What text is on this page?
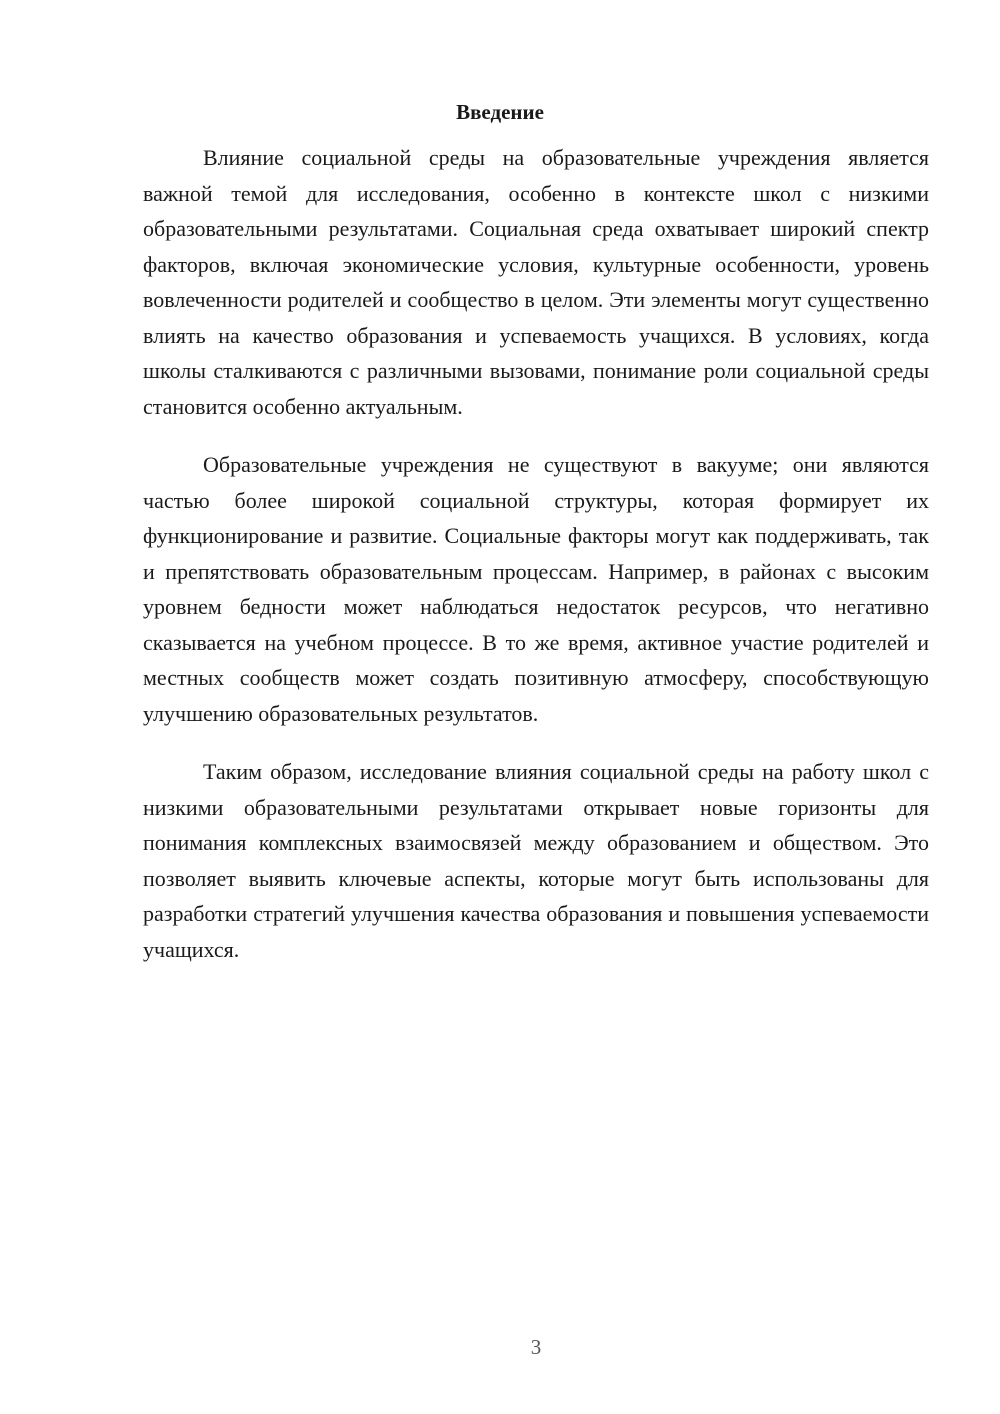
Введение

Влияние социальной среды на образовательные учреждения является важной темой для исследования, особенно в контексте школ с низкими образовательными результатами. Социальная среда охватывает широкий спектр факторов, включая экономические условия, культурные особенности, уровень вовлеченности родителей и сообщество в целом. Эти элементы могут существенно влиять на качество образования и успеваемость учащихся. В условиях, когда школы сталкиваются с различными вызовами, понимание роли социальной среды становится особенно актуальным.

Образовательные учреждения не существуют в вакууме; они являются частью более широкой социальной структуры, которая формирует их функционирование и развитие. Социальные факторы могут как поддерживать, так и препятствовать образовательным процессам. Например, в районах с высоким уровнем бедности может наблюдаться недостаток ресурсов, что негативно сказывается на учебном процессе. В то же время, активное участие родителей и местных сообществ может создать позитивную атмосферу, способствующую улучшению образовательных результатов.

Таким образом, исследование влияния социальной среды на работу школ с низкими образовательными результатами открывает новые горизонты для понимания комплексных взаимосвязей между образованием и обществом. Это позволяет выявить ключевые аспекты, которые могут быть использованы для разработки стратегий улучшения качества образования и повышения успеваемости учащихся.

3
